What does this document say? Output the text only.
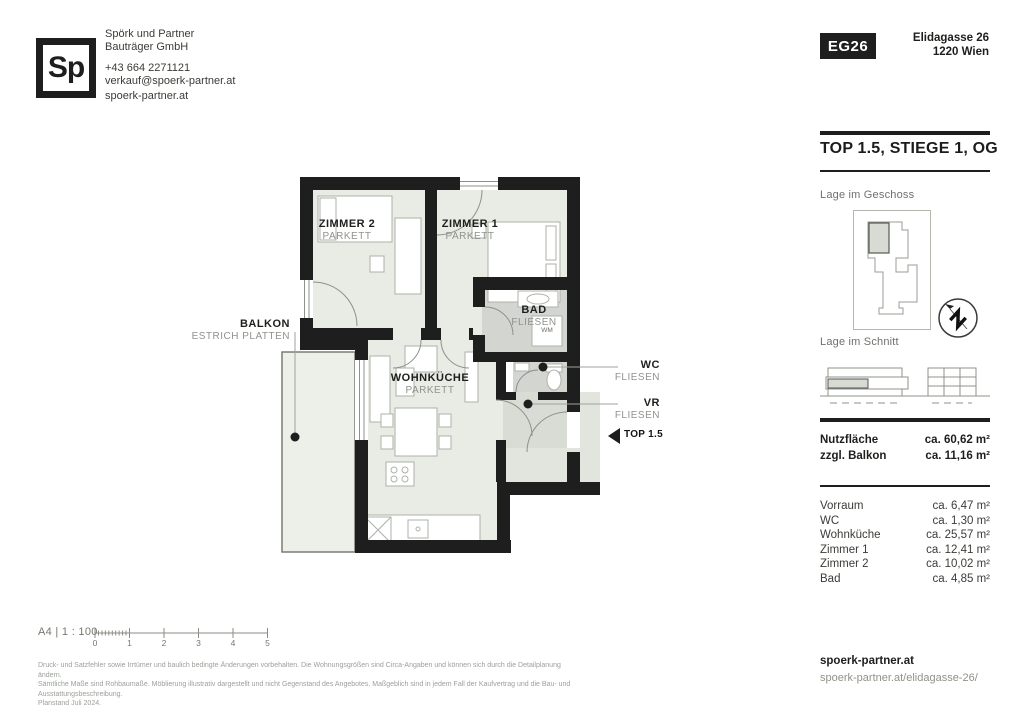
Sp
Spörk und Partner
Bauträger GmbH
+43 664 2271121
verkauf@spoerk-partner.at
spoerk-partner.at
EG26	Elidagasse 26
1220 Wien
ZIMMER 2
PARKETT
ZIMMER 1
PARKETT
BAD
FLIESEN
WOHNKÜCHE
PARKETT
WC
FLIESEN
VR
FLIESEN
BALKON
ESTRICH PLATTEN
TOP 1.5
WM
TOP 1.5, STIEGE 1, OG
Lage im Geschoss
Lage im Schnitt
Nutzfläche	ca. 60,62 m²
zzgl. Balkon	ca. 11,16 m²
Vorraum	ca. 6,47 m²
WC	ca. 1,30 m²
Wohnküche	ca. 25,57 m²
Zimmer 1	ca. 12,41 m²
Zimmer 2	ca. 10,02 m²
Bad	ca. 4,85 m²
spoerk-partner.at
spoerk-partner.at/elidagasse-26/
A4 | 1 : 100
0	1	2	3	4	5
Druck- und Satzfehler sowie Irrtümer und baulich bedingte Änderungen vorbehalten. Die Wohnungsgrößen sind Circa-Angaben und können sich durch die Detailplanung ändern.
Sämtliche Maße sind Rohbaumaße. Möblierung illustrativ dargestellt und nicht Gegenstand des Angebotes. Maßgeblich sind in jedem Fall der Kaufvertrag und die Bau- und Ausstattungsbeschreibung.
Planstand Juli 2024.
